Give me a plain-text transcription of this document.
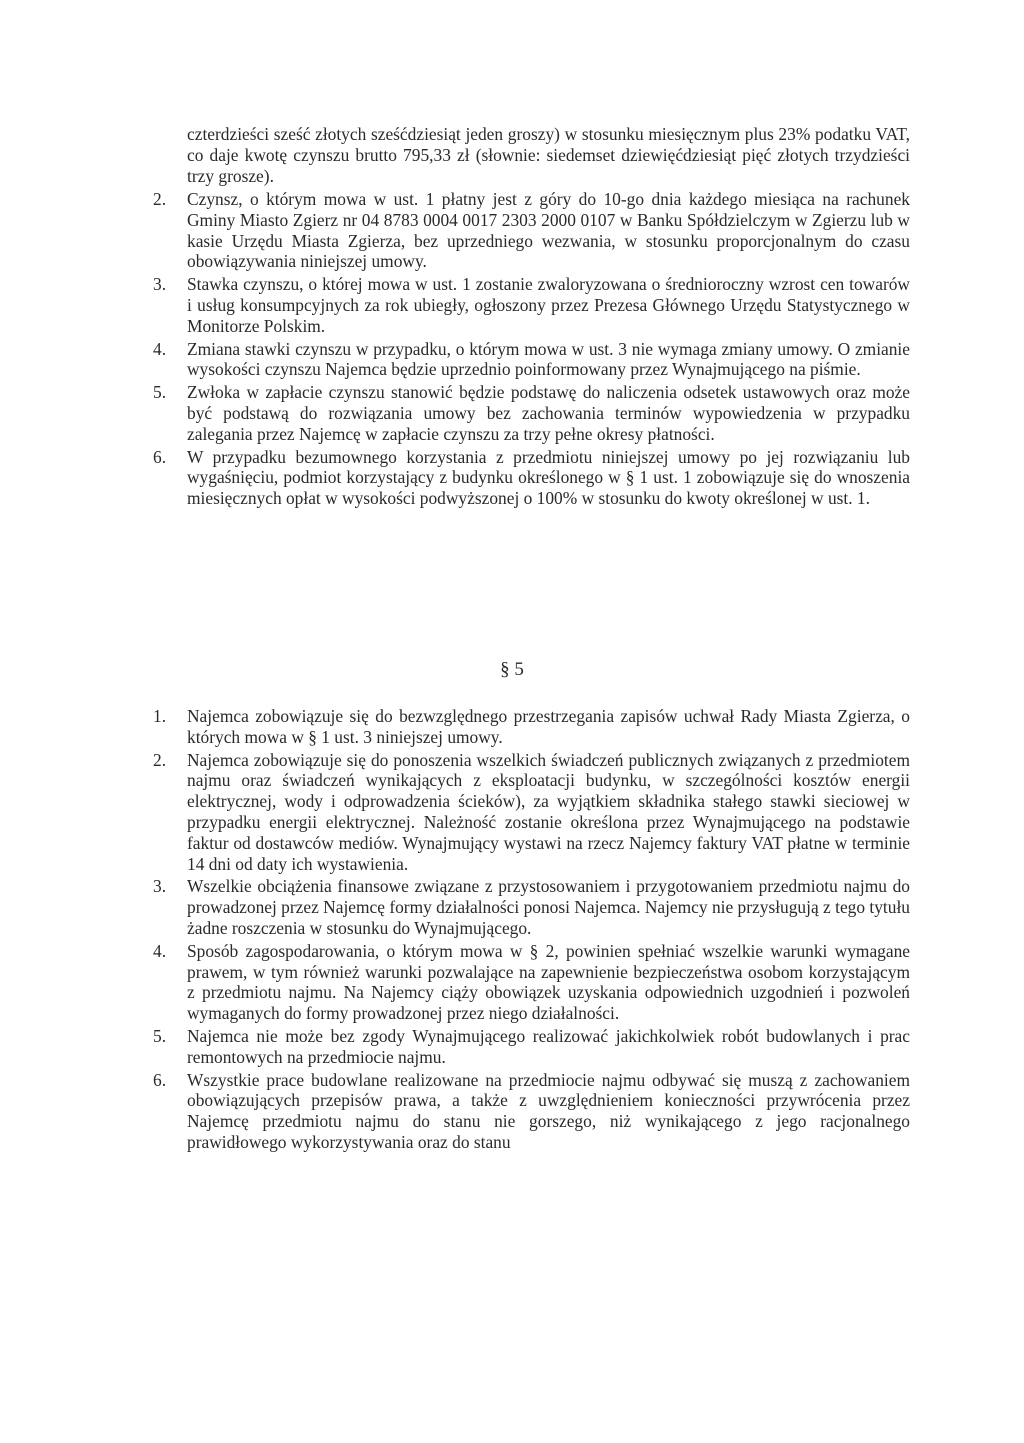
czterdzieści sześć złotych sześćdziesiąt jeden groszy) w stosunku miesięcznym plus 23% podatku VAT, co daje kwotę czynszu brutto 795,33 zł (słownie: siedemset dziewięćdziesiąt pięć złotych trzydzieści trzy grosze).

2. Czynsz, o którym mowa w ust. 1 płatny jest z góry do 10-go dnia każdego miesiąca na rachunek Gminy Miasto Zgierz nr 04 8783 0004 0017 2303 2000 0107 w Banku Spółdzielczym w Zgierzu lub w kasie Urzędu Miasta Zgierza, bez uprzedniego wezwania, w stosunku proporcjonalnym do czasu obowiązywania niniejszej umowy.
3. Stawka czynszu, o której mowa w ust. 1 zostanie zwaloryzowana o średnioroczny wzrost cen towarów i usług konsumpcyjnych za rok ubiegły, ogłoszony przez Prezesa Głównego Urzędu Statystycznego w Monitorze Polskim.
4. Zmiana stawki czynszu w przypadku, o którym mowa w ust. 3 nie wymaga zmiany umowy. O zmianie wysokości czynszu Najemca będzie uprzednio poinformowany przez Wynajmującego na piśmie.
5. Zwłoka w zapłacie czynszu stanowić będzie podstawę do naliczenia odsetek ustawowych oraz może być podstawą do rozwiązania umowy bez zachowania terminów wypowiedzenia w przypadku zalegania przez Najemcę w zapłacie czynszu za trzy pełne okresy płatności.
6. W przypadku bezumownego korzystania z przedmiotu niniejszej umowy po jej rozwiązaniu lub wygaśnięciu, podmiot korzystający z budynku określonego w § 1 ust. 1 zobowiązuje się do wnoszenia miesięcznych opłat w wysokości podwyższonej o 100% w stosunku do kwoty określonej w ust. 1.
§ 5
1. Najemca zobowiązuje się do bezwzględnego przestrzegania zapisów uchwał Rady Miasta Zgierza, o których mowa w § 1 ust. 3 niniejszej umowy.
2. Najemca zobowiązuje się do ponoszenia wszelkich świadczeń publicznych związanych z przedmiotem najmu oraz świadczeń wynikających z eksploatacji budynku, w szczególności kosztów energii elektrycznej, wody i odprowadzenia ścieków), za wyjątkiem składnika stałego stawki sieciowej w przypadku energii elektrycznej. Należność zostanie określona przez Wynajmującego na podstawie faktur od dostawców mediów. Wynajmujący wystawi na rzecz Najemcy faktury VAT płatne w terminie 14 dni od daty ich wystawienia.
3. Wszelkie obciążenia finansowe związane z przystosowaniem i przygotowaniem przedmiotu najmu do prowadzonej przez Najemcę formy działalności ponosi Najemca. Najemcy nie przysługują z tego tytułu żadne roszczenia w stosunku do Wynajmującego.
4. Sposób zagospodarowania, o którym mowa w § 2, powinien spełniać wszelkie warunki wymagane prawem, w tym również warunki pozwalające na zapewnienie bezpieczeństwa osobom korzystającym z przedmiotu najmu. Na Najemcy ciąży obowiązek uzyskania odpowiednich uzgodnień i pozwoleń wymaganych do formy prowadzonej przez niego działalności.
5. Najemca nie może bez zgody Wynajmującego realizować jakichkolwiek robót budowlanych i prac remontowych na przedmiocie najmu.
6. Wszystkie prace budowlane realizowane na przedmiocie najmu odbywać się muszą z zachowaniem obowiązujących przepisów prawa, a także z uwzględnieniem konieczności przywrócenia przez Najemcę przedmiotu najmu do stanu nie gorszego, niż wynikającego z jego racjonalnego prawidłowego wykorzystywania oraz do stanu
